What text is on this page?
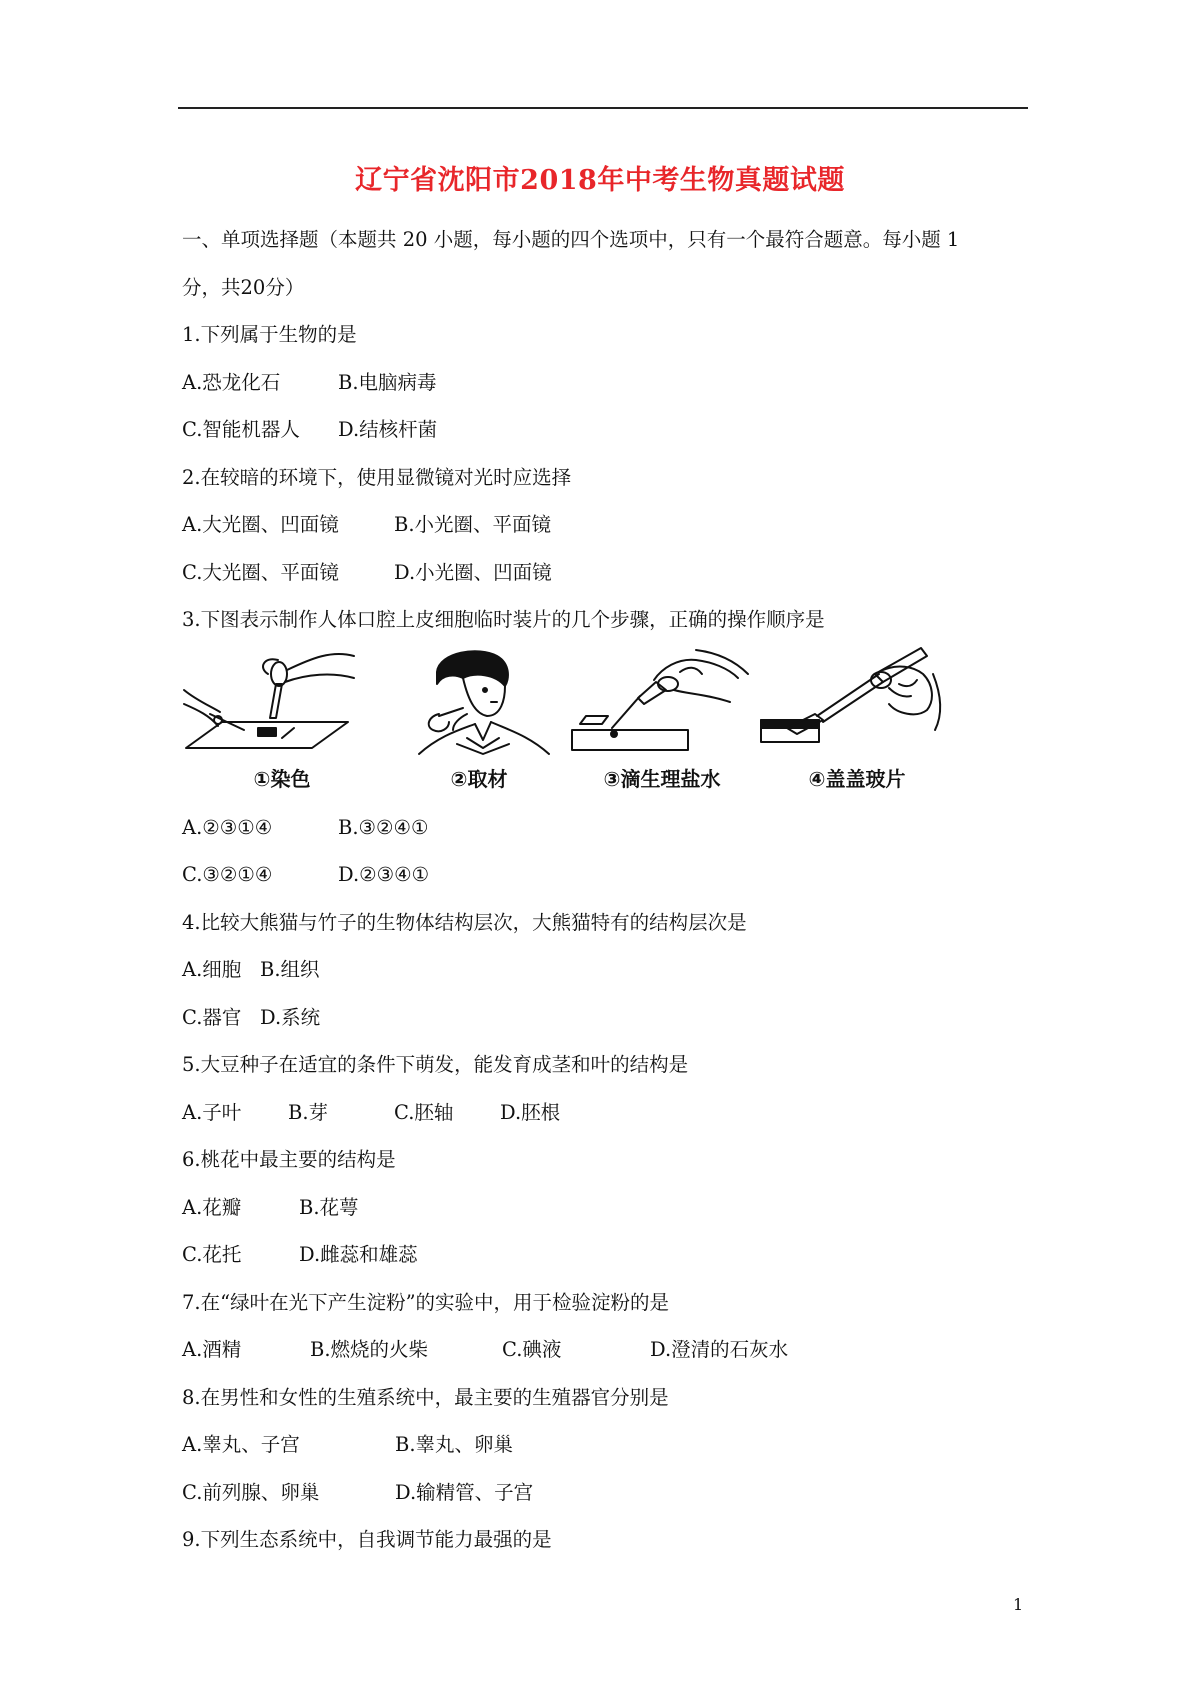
辽宁省沈阳市2018年中考生物真题试题
一、单项选择题（本题共 20 小题，每小题的四个选项中，只有一个最符合题意。每小题 1
分，共20分）
1.下列属于生物的是
A.恐龙化石	B.电脑病毒
C.智能机器人 D.结核杆菌
2.在较暗的环境下，使用显微镜对光时应选择
A.大光圈、凹面镜	B.小光圈、平面镜
C.大光圈、平面镜	D.小光圈、凹面镜
3.下图表示制作人体口腔上皮细胞临时装片的几个步骤，正确的操作顺序是
①染色	②取材	③滴生理盐水	④盖盖玻片
A.②③①④	B.③②④①
C.③②①④	D.②③④①
4.比较大熊猫与竹子的生物体结构层次，大熊猫特有的结构层次是
A.细胞 B.组织
C.器官 D.系统
5.大豆种子在适宜的条件下萌发，能发育成茎和叶的结构是
A.子叶 B.芽	C.胚轴 D.胚根
6.桃花中最主要的结构是
A.花瓣	B.花萼
C.花托	D.雌蕊和雄蕊
7.在“绿叶在光下产生淀粉”的实验中，用于检验淀粉的是
A.酒精	B.燃烧的火柴	C.碘液	D.澄清的石灰水
8.在男性和女性的生殖系统中，最主要的生殖器官分别是
A.睾丸、子宫	B.睾丸、卵巢
C.前列腺、卵巢	D.输精管、子宫
9.下列生态系统中，自我调节能力最强的是
1
